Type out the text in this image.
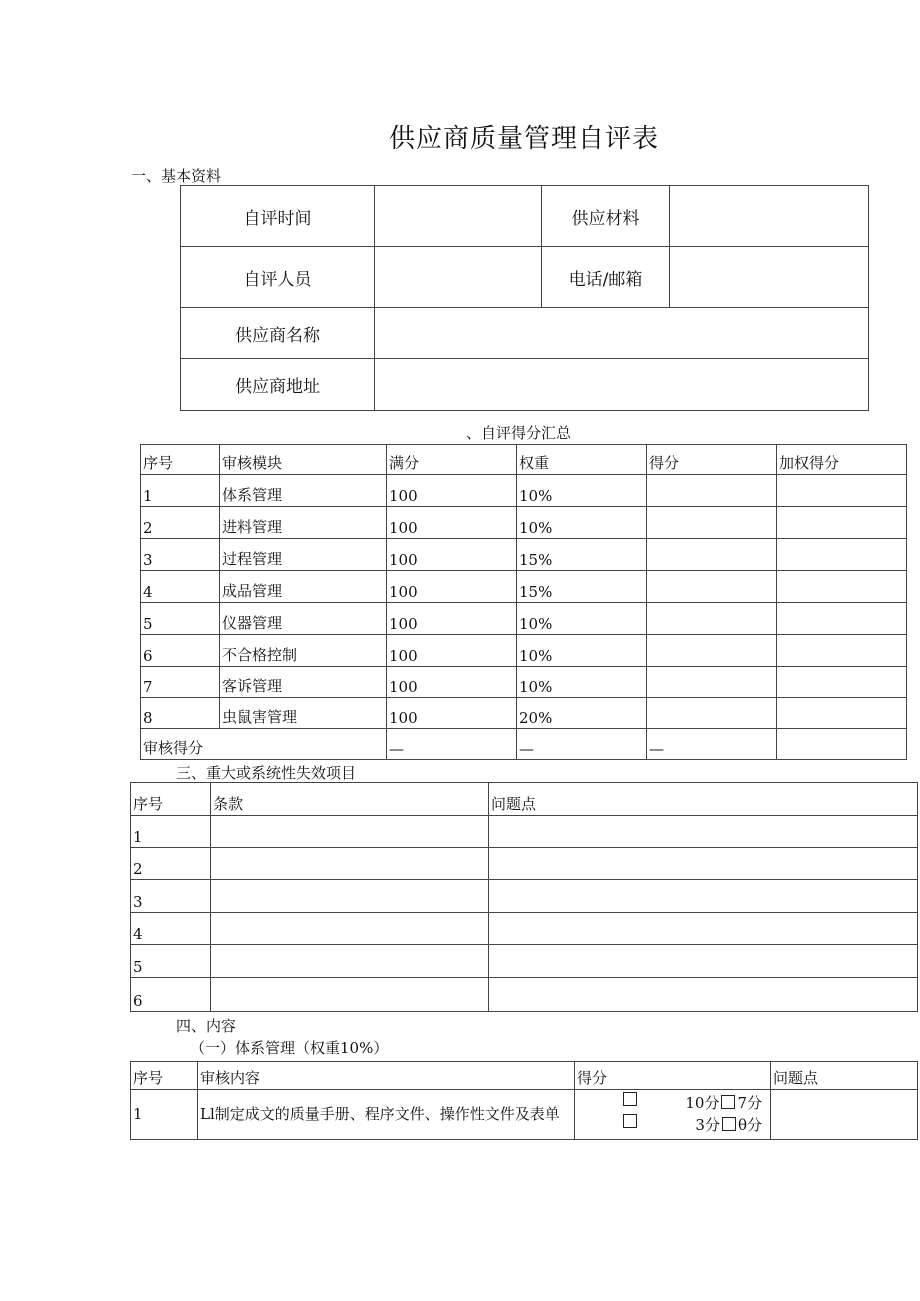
供应商质量管理自评表
一、基本资料
自评时间		供应材料	
自评人员		电话/邮箱	
供应商名称			
供应商地址			
、自评得分汇总
序号	审核模块	满分	权重	得分	加权得分
1	体系管理	100	10%		
2	进料管理	100	10%		
3	过程管理	100	15%		
4	成品管理	100	15%		
5	仪器管理	100	10%		
6	不合格控制	100	10%		
7	客诉管理	100	10%		
8	虫鼠害管理	100	20%		
审核得分		—	—	—	
三、重大或系统性失效项目
序号	条款	问题点
1		
2		
3		
4		
5		
6		
四、内容
（一）体系管理（权重10%）
序号	审核内容	得分	问题点
1	Ll制定成文的质量手册、程序文件、操作性文件及表单	10分 7分
3分 θ分	
